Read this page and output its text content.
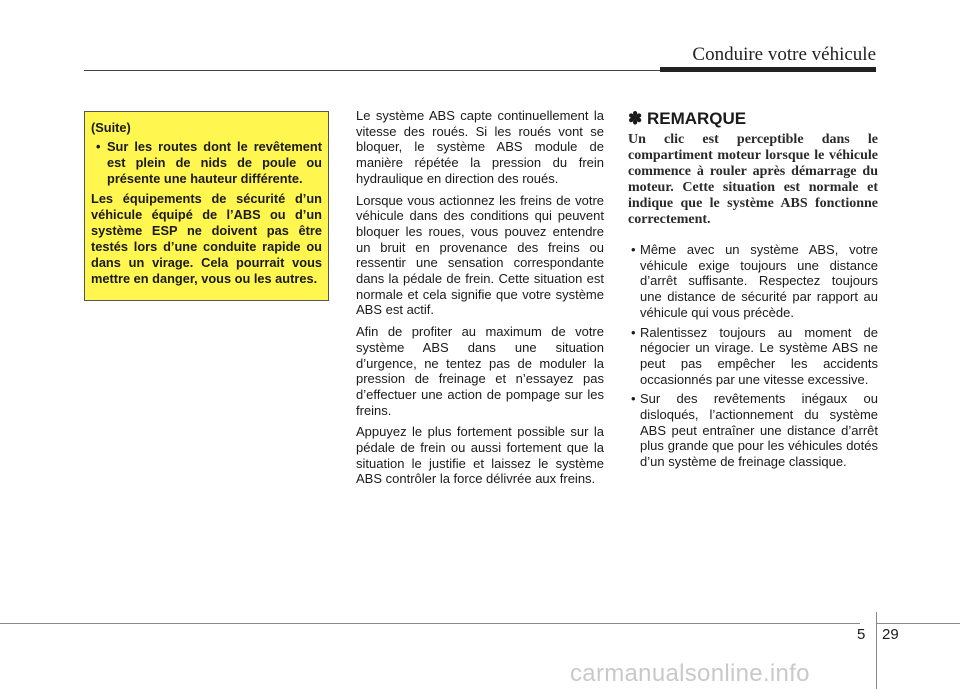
Conduire votre véhicule

(Suite)

• Sur les routes dont le revêtement est plein de nids de poule ou présente une hauteur différente.

Les équipements de sécurité d’un véhicule équipé de l’ABS ou d’un système ESP ne doivent pas être testés lors d’une conduite rapide ou dans un virage. Cela pourrait vous mettre en danger, vous ou les autres.

Le système ABS capte continuellement la vitesse des roués. Si les roués vont se bloquer, le système ABS module de manière répétée la pression du frein hydraulique en direction des roués.

Lorsque vous actionnez les freins de votre véhicule dans des conditions qui peuvent bloquer les roues, vous pouvez entendre un bruit en provenance des freins ou ressentir une sensation correspondante dans la pédale de frein. Cette situation est normale et cela signifie que votre système ABS est actif.

Afin de profiter au maximum de votre système ABS dans une situation d’urgence, ne tentez pas de moduler la pression de freinage et n’essayez pas d’effectuer une action de pompage sur les freins.

Appuyez le plus fortement possible sur la pédale de frein ou aussi fortement que la situation le justifie et laissez le système ABS contrôler la force délivrée aux freins.

✽ REMARQUE

Un clic est perceptible dans le compartiment moteur lorsque le véhicule commence à rouler après démarrage du moteur. Cette situation est normale et indique que le système ABS fonctionne correctement.

• Même avec un système ABS, votre véhicule exige toujours une distance d’arrêt suffisante. Respectez toujours une distance de sécurité par rapport au véhicule qui vous précède.
• Ralentissez toujours au moment de négocier un virage. Le système ABS ne peut pas empêcher les accidents occasionnés par une vitesse excessive.
• Sur des revêtements inégaux ou disloqués, l’actionnement du système ABS peut entraîner une distance d’arrêt plus grande que pour les véhicules dotés d’un système de freinage classique.
5 29
carmanualsonline.info
